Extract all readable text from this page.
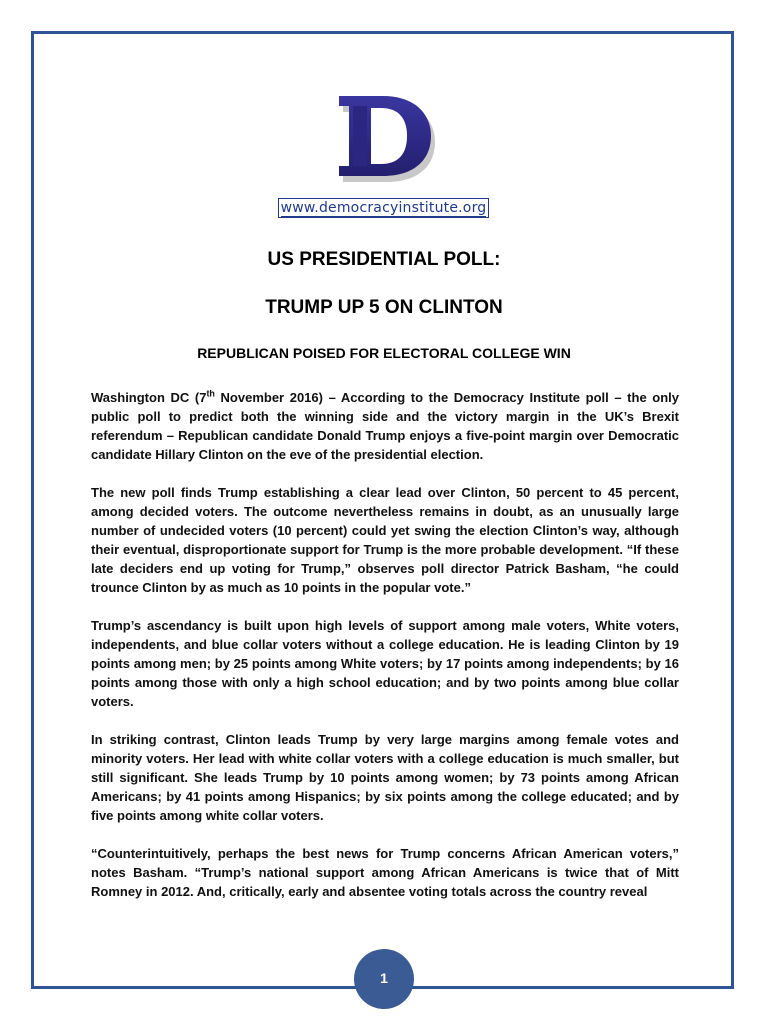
www.democracyinstitute.org
US PRESIDENTIAL POLL:
TRUMP UP 5 ON CLINTON
REPUBLICAN POISED FOR ELECTORAL COLLEGE WIN

Washington DC (7th November 2016) – According to the Democracy Institute poll – the only public poll to predict both the winning side and the victory margin in the UK’s Brexit referendum – Republican candidate Donald Trump enjoys a five-point margin over Democratic candidate Hillary Clinton on the eve of the presidential election.

The new poll finds Trump establishing a clear lead over Clinton, 50 percent to 45 percent, among decided voters. The outcome nevertheless remains in doubt, as an unusually large number of undecided voters (10 percent) could yet swing the election Clinton’s way, although their eventual, disproportionate support for Trump is the more probable development. “If these late deciders end up voting for Trump,” observes poll director Patrick Basham, “he could trounce Clinton by as much as 10 points in the popular vote.”

Trump’s ascendancy is built upon high levels of support among male voters, White voters, independents, and blue collar voters without a college education. He is leading Clinton by 19 points among men; by 25 points among White voters; by 17 points among independents; by 16 points among those with only a high school education; and by two points among blue collar voters.

In striking contrast, Clinton leads Trump by very large margins among female votes and minority voters. Her lead with white collar voters with a college education is much smaller, but still significant. She leads Trump by 10 points among women; by 73 points among African Americans; by 41 points among Hispanics; by six points among the college educated; and by five points among white collar voters.

“Counterintuitively, perhaps the best news for Trump concerns African American voters,” notes Basham. “Trump’s national support among African Americans is twice that of Mitt Romney in 2012. And, critically, early and absentee voting totals across the country reveal

1
